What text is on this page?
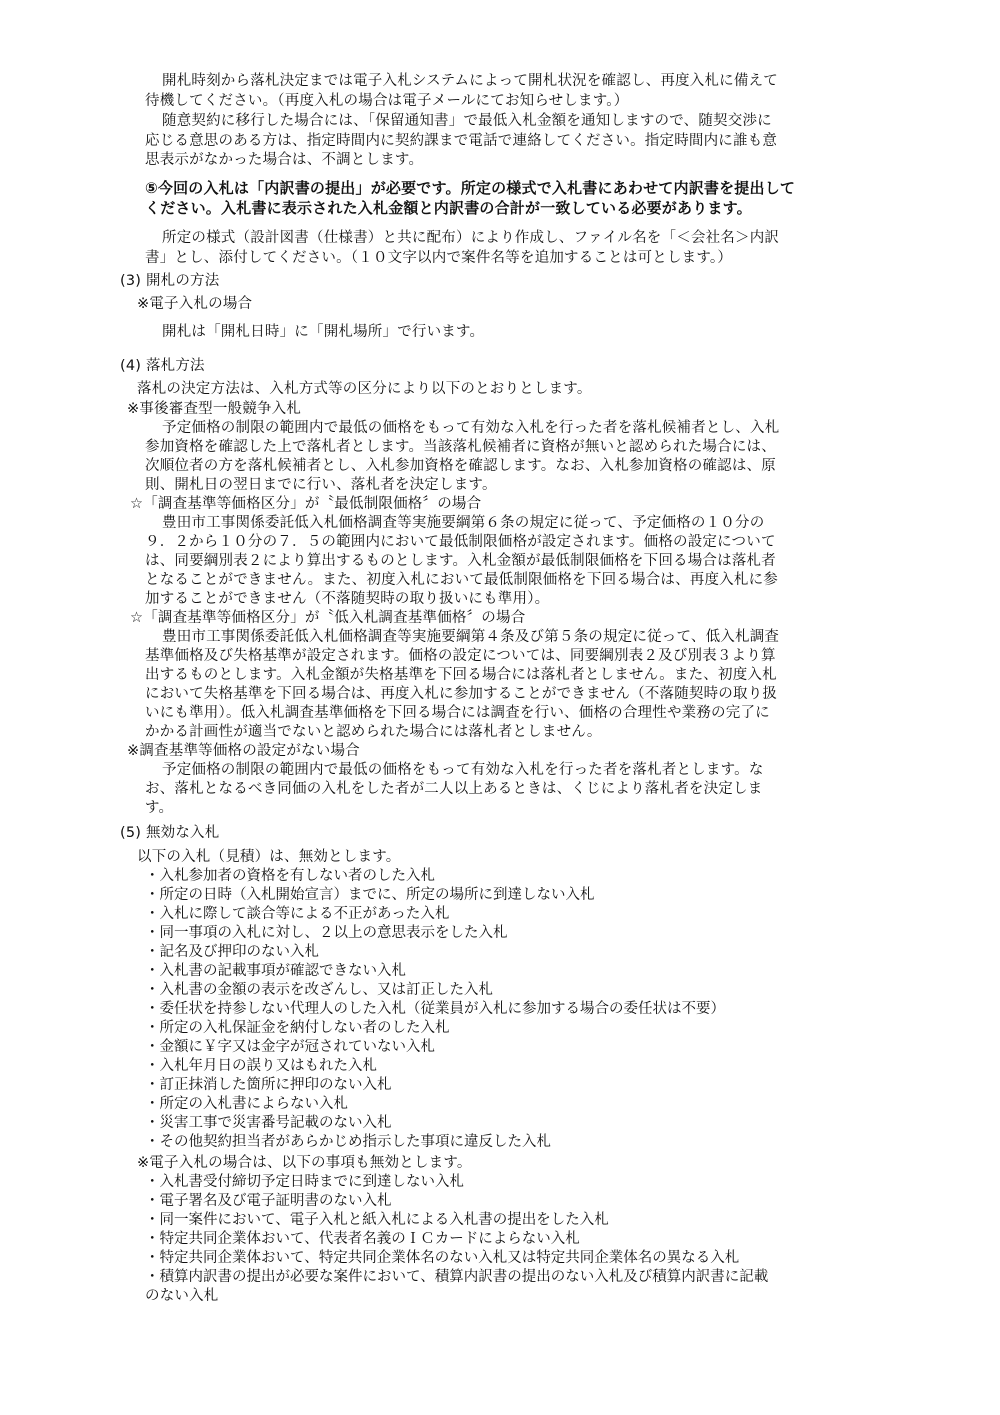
開札時刻から落札決定までは電子入札システムによって開札状況を確認し、再度入札に備えて
待機してください。（再度入札の場合は電子メールにてお知らせします。）
随意契約に移行した場合には、「保留通知書」で最低入札金額を通知しますので、随契交渉に
応じる意思のある方は、指定時間内に契約課まで電話で連絡してください。指定時間内に誰も意
思表示がなかった場合は、不調とします。
⑤今回の入札は「内訳書の提出」が必要です。所定の様式で入札書にあわせて内訳書を提出して
ください。入札書に表示された入札金額と内訳書の合計が一致している必要があります。
所定の様式（設計図書（仕様書）と共に配布）により作成し、ファイル名を「＜会社名＞内訳
書」とし、添付してください。（１０文字以内で案件名等を追加することは可とします。）
(3) 開札の方法
※電子入札の場合
開札は「開札日時」に「開札場所」で行います。
(4) 落札方法
落札の決定方法は、入札方式等の区分により以下のとおりとします。
※事後審査型一般競争入札
予定価格の制限の範囲内で最低の価格をもって有効な入札を行った者を落札候補者とし、入札
参加資格を確認した上で落札者とします。当該落札候補者に資格が無いと認められた場合には、
次順位者の方を落札候補者とし、入札参加資格を確認します。なお、入札参加資格の確認は、原
則、開札日の翌日までに行い、落札者を決定します。
☆「調査基準等価格区分」が〝最低制限価格〞の場合
豊田市工事関係委託低入札価格調査等実施要綱第６条の規定に従って、予定価格の１０分の
９．２から１０分の７．５の範囲内において最低制限価格が設定されます。価格の設定について
は、同要綱別表２により算出するものとします。入札金額が最低制限価格を下回る場合は落札者
となることができません。また、初度入札において最低制限価格を下回る場合は、再度入札に参
加することができません（不落随契時の取り扱いにも準用）。
☆「調査基準等価格区分」が〝低入札調査基準価格〞の場合
豊田市工事関係委託低入札価格調査等実施要綱第４条及び第５条の規定に従って、低入札調査
基準価格及び失格基準が設定されます。価格の設定については、同要綱別表２及び別表３より算
出するものとします。入札金額が失格基準を下回る場合には落札者としません。また、初度入札
において失格基準を下回る場合は、再度入札に参加することができません（不落随契時の取り扱
いにも準用）。低入札調査基準価格を下回る場合には調査を行い、価格の合理性や業務の完了に
かかる計画性が適当でないと認められた場合には落札者としません。
※調査基準等価格の設定がない場合
予定価格の制限の範囲内で最低の価格をもって有効な入札を行った者を落札者とします。な
お、落札となるべき同価の入札をした者が二人以上あるときは、くじにより落札者を決定しま
す。
(5) 無効な入札
以下の入札（見積）は、無効とします。
・入札参加者の資格を有しない者のした入札
・所定の日時（入札開始宣言）までに、所定の場所に到達しない入札
・入札に際して談合等による不正があった入札
・同一事項の入札に対し、２以上の意思表示をした入札
・記名及び押印のない入札
・入札書の記載事項が確認できない入札
・入札書の金額の表示を改ざんし、又は訂正した入札
・委任状を持参しない代理人のした入札（従業員が入札に参加する場合の委任状は不要）
・所定の入札保証金を納付しない者のした入札
・金額に￥字又は金字が冠されていない入札
・入札年月日の誤り又はもれた入札
・訂正抹消した箇所に押印のない入札
・所定の入札書によらない入札
・災害工事で災害番号記載のない入札
・その他契約担当者があらかじめ指示した事項に違反した入札
※電子入札の場合は、以下の事項も無効とします。
・入札書受付締切予定日時までに到達しない入札
・電子署名及び電子証明書のない入札
・同一案件において、電子入札と紙入札による入札書の提出をした入札
・特定共同企業体おいて、代表者名義のＩＣカードによらない入札
・特定共同企業体おいて、特定共同企業体名のない入札又は特定共同企業体名の異なる入札
・積算内訳書の提出が必要な案件において、積算内訳書の提出のない入札及び積算内訳書に記載
のない入札
